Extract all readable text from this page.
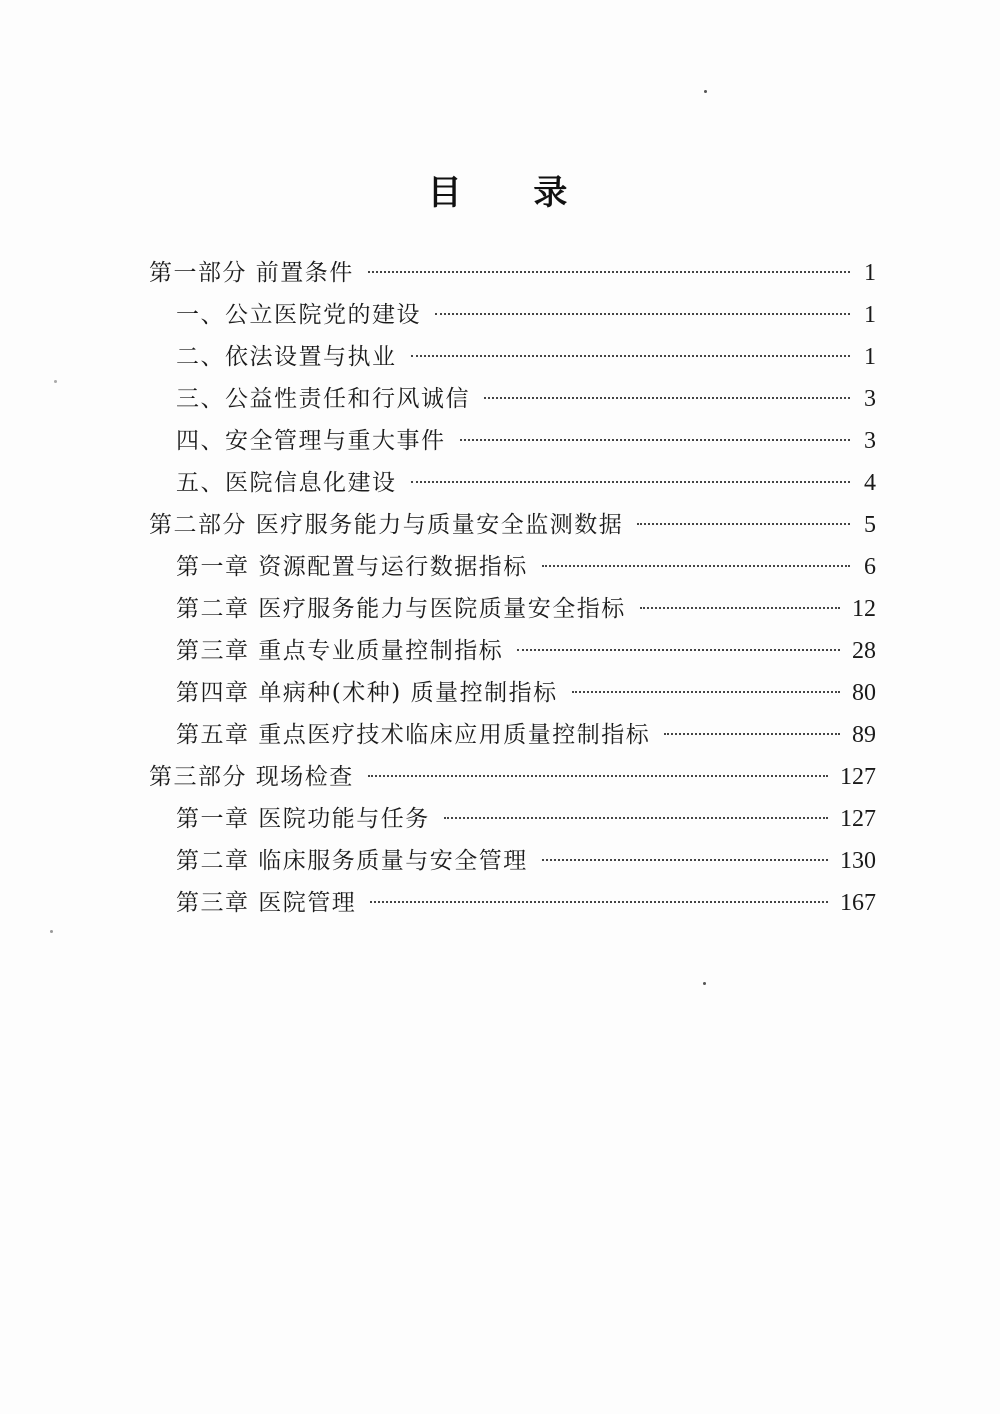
目 录
第一部分 前置条件	1
一、公立医院党的建设	1
二、依法设置与执业	1
三、公益性责任和行风诚信	3
四、安全管理与重大事件	3
五、医院信息化建设	4
第二部分 医疗服务能力与质量安全监测数据	5
第一章 资源配置与运行数据指标	6
第二章 医疗服务能力与医院质量安全指标	12
第三章 重点专业质量控制指标	28
第四章 单病种(术种) 质量控制指标	80
第五章 重点医疗技术临床应用质量控制指标	89
第三部分 现场检查	127
第一章 医院功能与任务	127
第二章 临床服务质量与安全管理	130
第三章 医院管理	167
